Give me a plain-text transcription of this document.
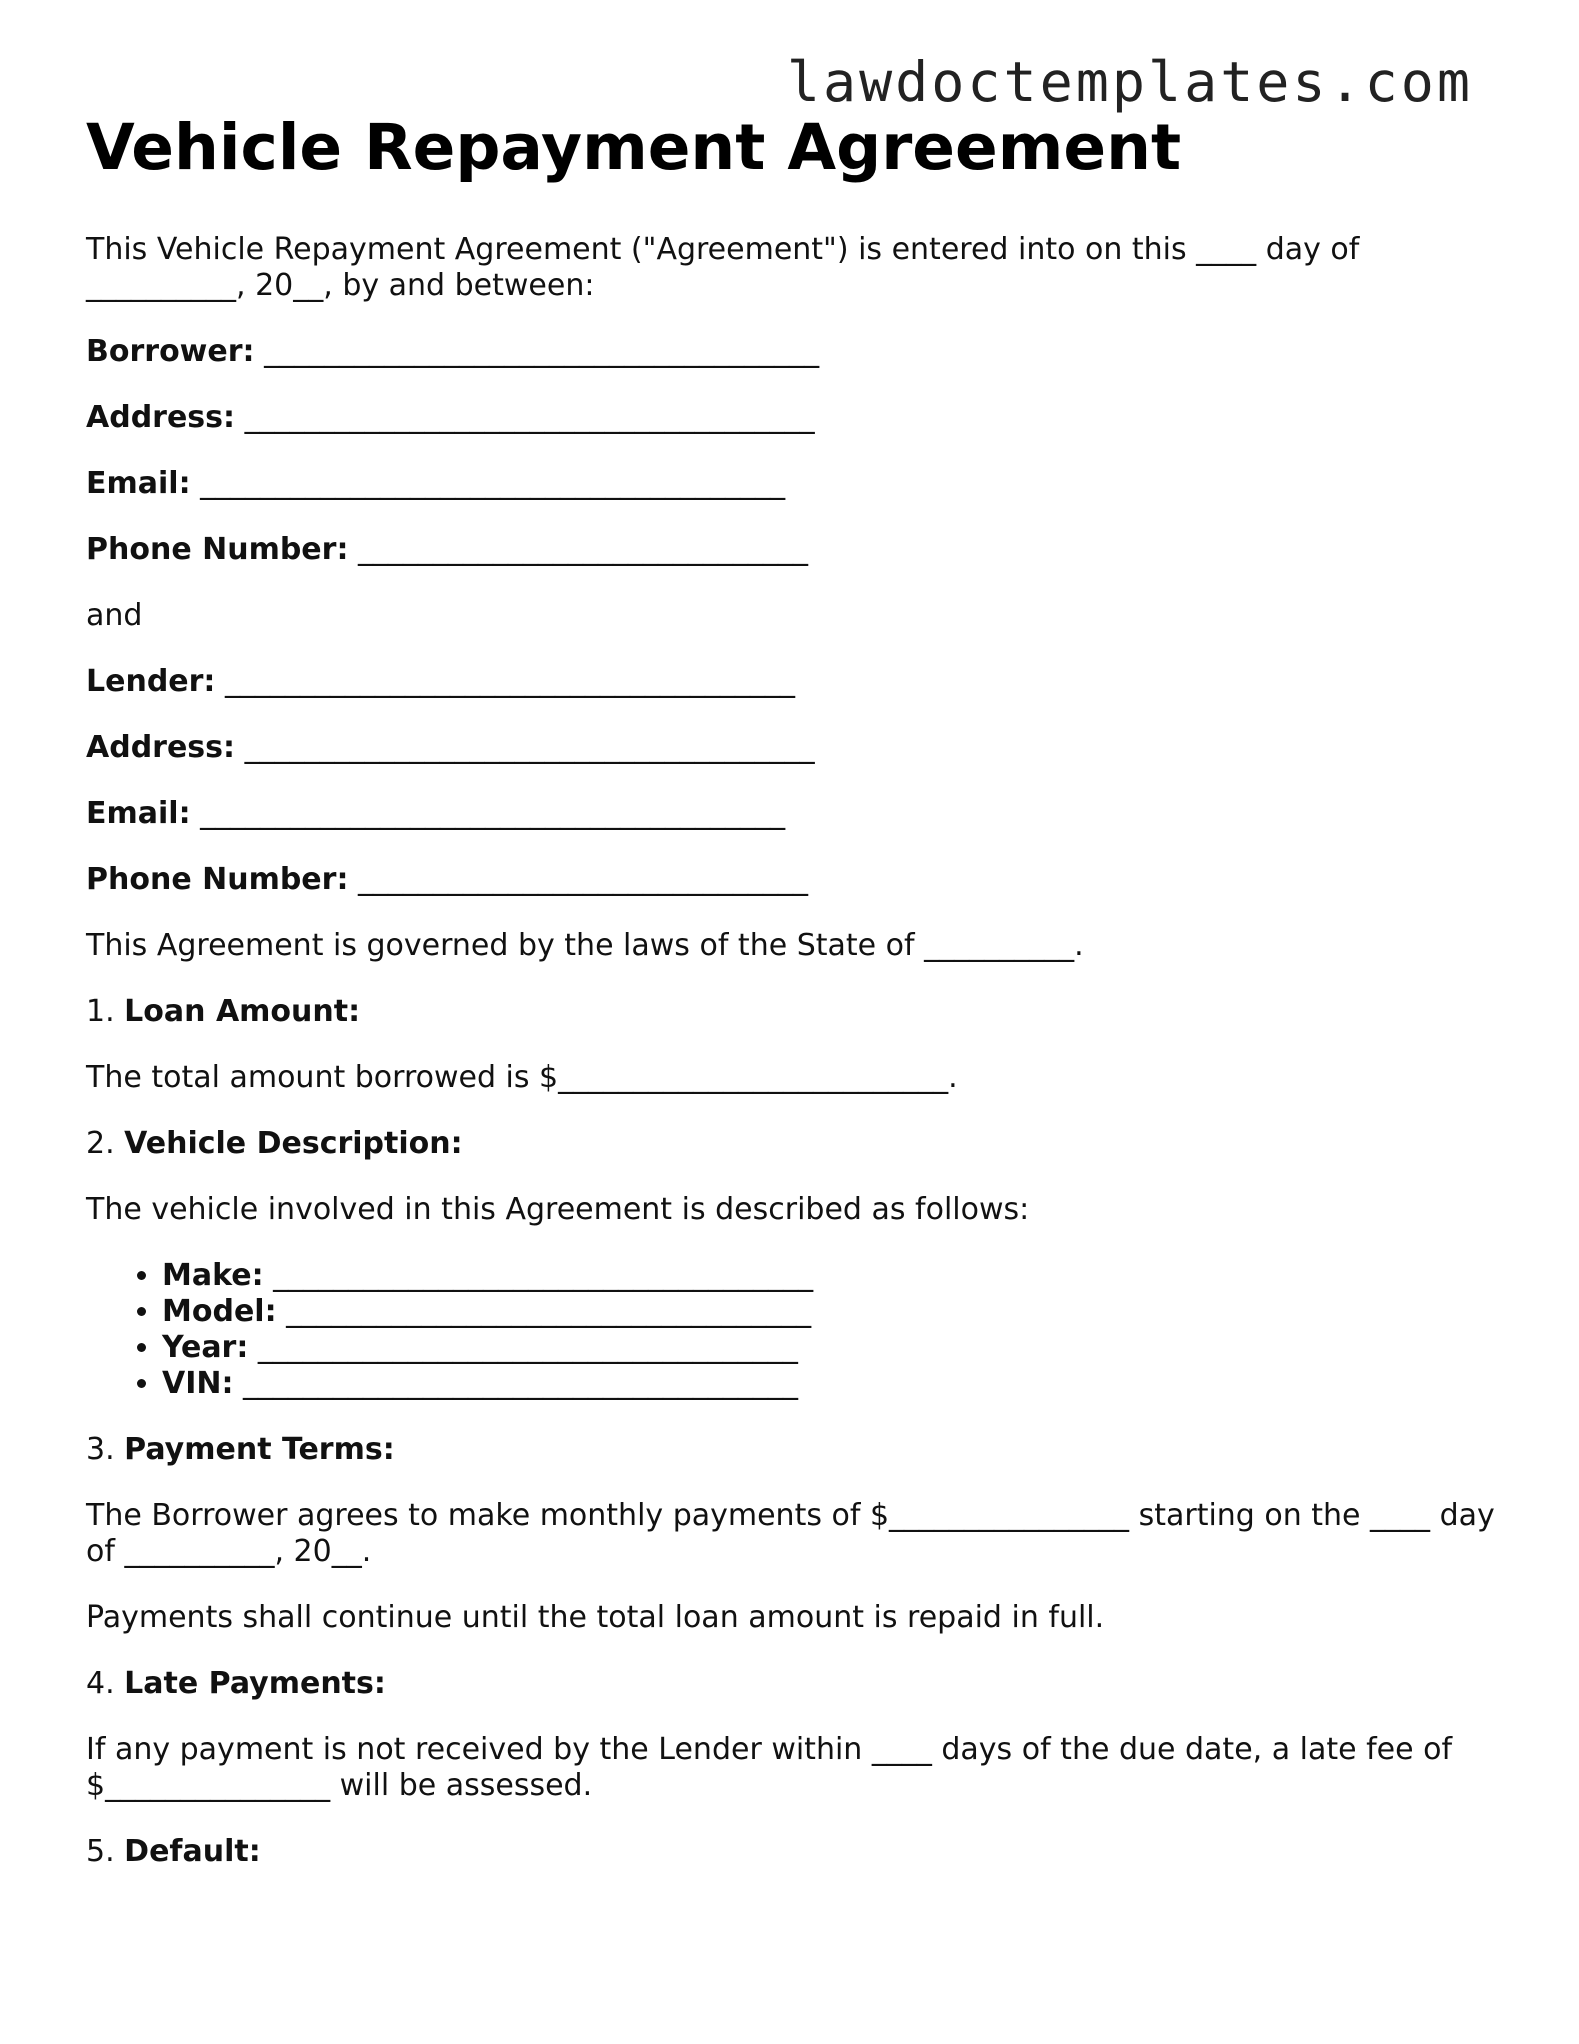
lawdoctemplates.com
Vehicle Repayment Agreement

This Vehicle Repayment Agreement ("Agreement") is entered into on this ____ day of __________, 20__, by and between:

Borrower: _____________________________________

Address: ______________________________________

Email: _______________________________________

Phone Number: ______________________________

and

Lender: ______________________________________

Address: ______________________________________

Email: _______________________________________

Phone Number: ______________________________

This Agreement is governed by the laws of the State of __________.

1. Loan Amount:

The total amount borrowed is $__________________________.

2. Vehicle Description:

The vehicle involved in this Agreement is described as follows:

• Make: ____________________________________
• Model: ___________________________________
• Year: ____________________________________
• VIN: _____________________________________

3. Payment Terms:

The Borrower agrees to make monthly payments of $________________ starting on the ____ day of __________, 20__.

Payments shall continue until the total loan amount is repaid in full.

4. Late Payments:

If any payment is not received by the Lender within ____ days of the due date, a late fee of $_______________ will be assessed.

5. Default:
